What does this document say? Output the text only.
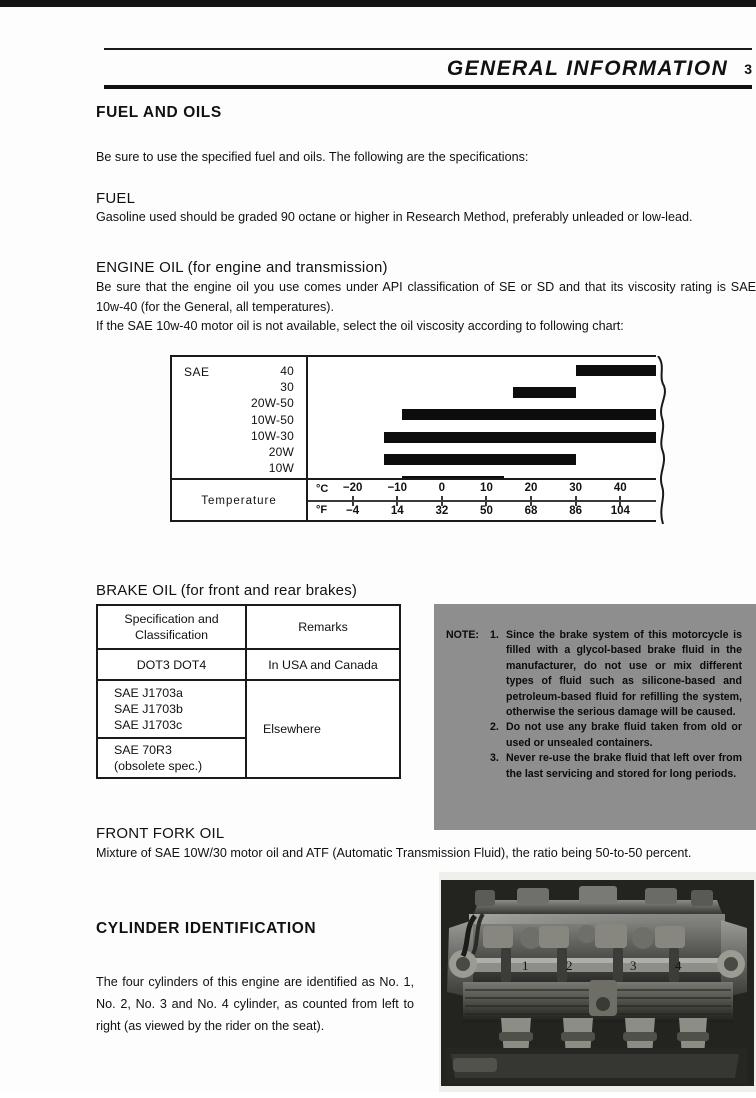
GENERAL INFORMATION 3
FUEL AND OILS
Be sure to use the specified fuel and oils. The following are the specifications:
FUEL
Gasoline used should be graded 90 octane or higher in Research Method, preferably unleaded or low-lead.
ENGINE OIL (for engine and transmission)
Be sure that the engine oil you use comes under API classification of SE or SD and that its viscosity rating is SAE 10w-40 (for the General, all temperatures).
If the SAE 10w-40 motor oil is not available, select the oil viscosity according to following chart:
SAE	40
30
20W-50
10W-50
10W-30
20W
10W
Temperature
°C
°F
−20
−4
−10
14
0
32
10
50
20
68
30
86
40
104
BRAKE OIL (for front and rear brakes)
Specification and
Classification
Remarks
DOT3 DOT4	In USA and Canada
SAE J1703a
SAE J1703b
SAE J1703c
SAE 70R3
(obsolete spec.)
Elsewhere
NOTE:	1. Since the brake system of this motorcycle is filled with a glycol-based brake fluid in the manufacturer, do not use or mix different types of fluid such as silicone-based and petroleum-based fluid for refilling the system, otherwise the serious damage will be caused.
2. Do not use any brake fluid taken from old or used or unsealed containers.
3. Never re-use the brake fluid that left over from the last servicing and stored for long periods.
FRONT FORK OIL
Mixture of SAE 10W/30 motor oil and ATF (Automatic Transmission Fluid), the ratio being 50-to-50 percent.
CYLINDER IDENTIFICATION
The four cylinders of this engine are identified as No. 1, No. 2, No. 3 and No. 4 cylinder, as counted from left to right (as viewed by the rider on the seat).
1	2	3	4
